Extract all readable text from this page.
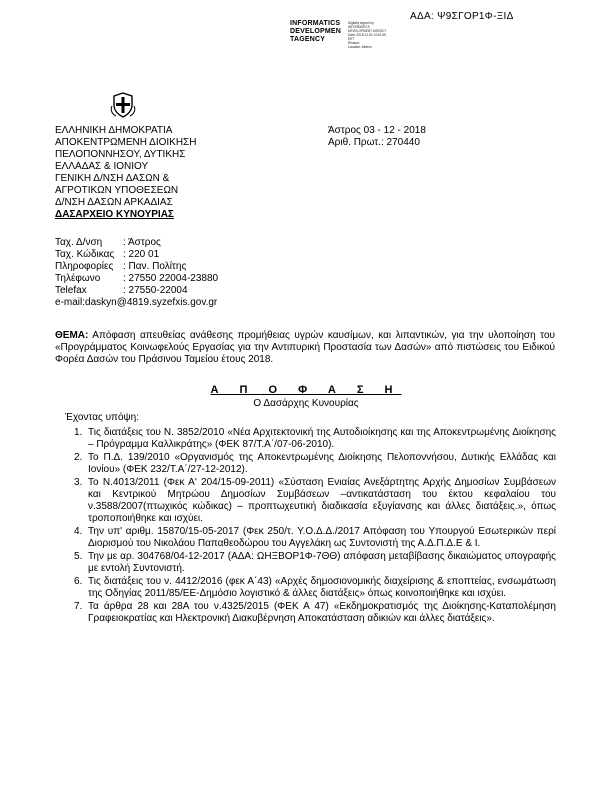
ΑΔΑ: Ψ9ΣΓΟΡ1Φ-ΞΙΔ
INFORMATICS
DEVELOPMEN
TAGENCY
Digitally signed by
INFORMATICS
DEVELOPMENT AGENCY
Date: 2018.12.03 14:10:55
EET
Reason:
Location: Athens
ΕΛΛΗΝΙΚΗ ΔΗΜΟΚΡΑΤΙΑ
ΑΠΟΚΕΝΤΡΩΜΕΝΗ ΔΙΟΙΚΗΣΗ
ΠΕΛΟΠΟΝΝΗΣΟΥ, ΔΥΤΙΚΗΣ
ΕΛΛΑΔΑΣ & ΙΟΝΙΟΥ
ΓΕΝΙΚΗ Δ/ΝΣΗ ΔΑΣΩΝ &
ΑΓΡΟΤΙΚΩΝ ΥΠΟΘΕΣΕΩΝ
Δ/ΝΣΗ ΔΑΣΩΝ ΑΡΚΑΔΙΑΣ
ΔΑΣΑΡΧΕΙΟ ΚΥΝΟΥΡΙΑΣ
Άστρος 03 - 12 - 2018
Αριθ. Πρωτ.: 270440
Ταχ. Δ/νση	: Άστρος
Ταχ. Κώδικας	: 220 01
Πληροφορίες	: Παν. Πολίτης
Τηλέφωνο	: 27550 22004-23880
Telefax	: 27550-22004
e-mail:daskyn@4819.syzefxis.gov.gr
ΘΕΜΑ: Απόφαση απευθείας ανάθεσης προμήθειας υγρών καυσίμων, και λιπαντικών, για την υλοποίηση του «Προγράμματος Κοινωφελούς Εργασίας για την Αντιπυρική Προστασία των Δασών» από πιστώσεις του Ειδικού Φορέα Δασών του Πράσινου Ταμείου έτους 2018.
Α Π Ο Φ Α Σ Η
Ο Δασάρχης Κυνουρίας
Έχοντας υπόψη:
1. Τις διατάξεις του Ν. 3852/2010 «Νέα Αρχιτεκτονική της Αυτοδιοίκησης και της Αποκεντρωμένης Διοίκησης – Πρόγραμμα Καλλικράτης» (ΦΕΚ 87/Τ.Α΄/07-06-2010).
2. Το Π.Δ. 139/2010 «Οργανισμός της Αποκεντρωμένης Διοίκησης Πελοποννήσου, Δυτικής Ελλάδας και Ιονίου» (ΦΕΚ 232/Τ.Α΄/27-12-2012).
3. Το Ν.4013/2011 (Φεκ Α' 204/15-09-2011) «Σύσταση Ενιαίας Ανεξάρτητης Αρχής Δημοσίων Συμβάσεων και Κεντρικού Μητρώου Δημοσίων Συμβάσεων –αντικατάσταση του έκτου κεφαλαίου του ν.3588/2007(πτωχικός κώδικας) – προπτωχευτική διαδικασία εξυγίανσης και άλλες διατάξεις.», όπως τροποποιήθηκε και ισχύει.
4. Την υπ' αριθμ. 15870/15-05-2017 (Φεκ 250/τ. Υ.Ο.Δ.Δ./2017 Απόφαση του Υπουργού Εσωτερικών περί Διορισμού του Νικολάου Παπαθεοδώρου του Αγγελάκη ως Συντονιστή της Α.Δ.Π.Δ.Ε & Ι.
5. Την με αρ. 304768/04-12-2017 (ΑΔΑ: ΩΗΞΒΟΡ1Φ-7ΘΘ) απόφαση μεταβίβασης δικαιώματος υπογραφής με εντολή Συντονιστή.
6. Τις διατάξεις του ν. 4412/2016 (φεκ Α΄43) «Αρχές δημοσιονομικής διαχείρισης & εποπτείας, ενσωμάτωση της Οδηγίας 2011/85/ΕΕ-Δημόσιο λογιστικό & άλλες διατάξεις» όπως κοινοποιήθηκε και ισχύει.
7. Τα άρθρα 28 και 28Α του ν.4325/2015 (ΦΕΚ Α 47) «Εκδημοκρατισμός της Διοίκησης-Καταπολέμηση Γραφειοκρατίας και Ηλεκτρονική Διακυβέρνηση Αποκατάσταση αδικιών και άλλες διατάξεις».
